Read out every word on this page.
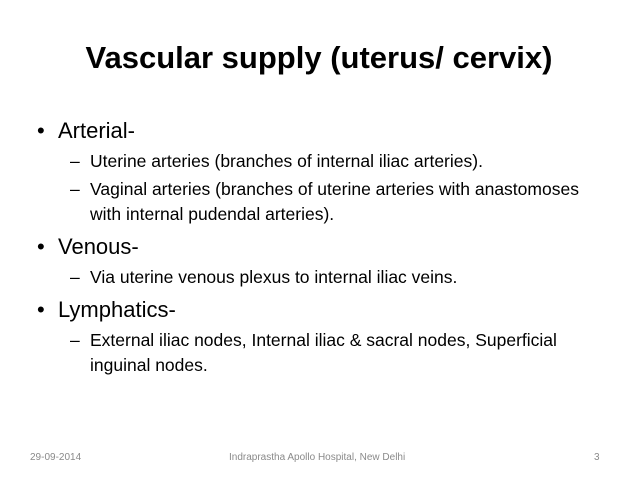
Vascular supply (uterus/ cervix)
• Arterial-
– Uterine arteries (branches of internal iliac arteries).
– Vaginal arteries (branches of uterine arteries with anastomoses with internal pudendal arteries).
• Venous-
– Via uterine venous plexus to internal iliac veins.
• Lymphatics-
– External iliac nodes, Internal iliac & sacral nodes, Superficial inguinal nodes.
29-09-2014	Indraprastha Apollo Hospital, New Delhi	3
